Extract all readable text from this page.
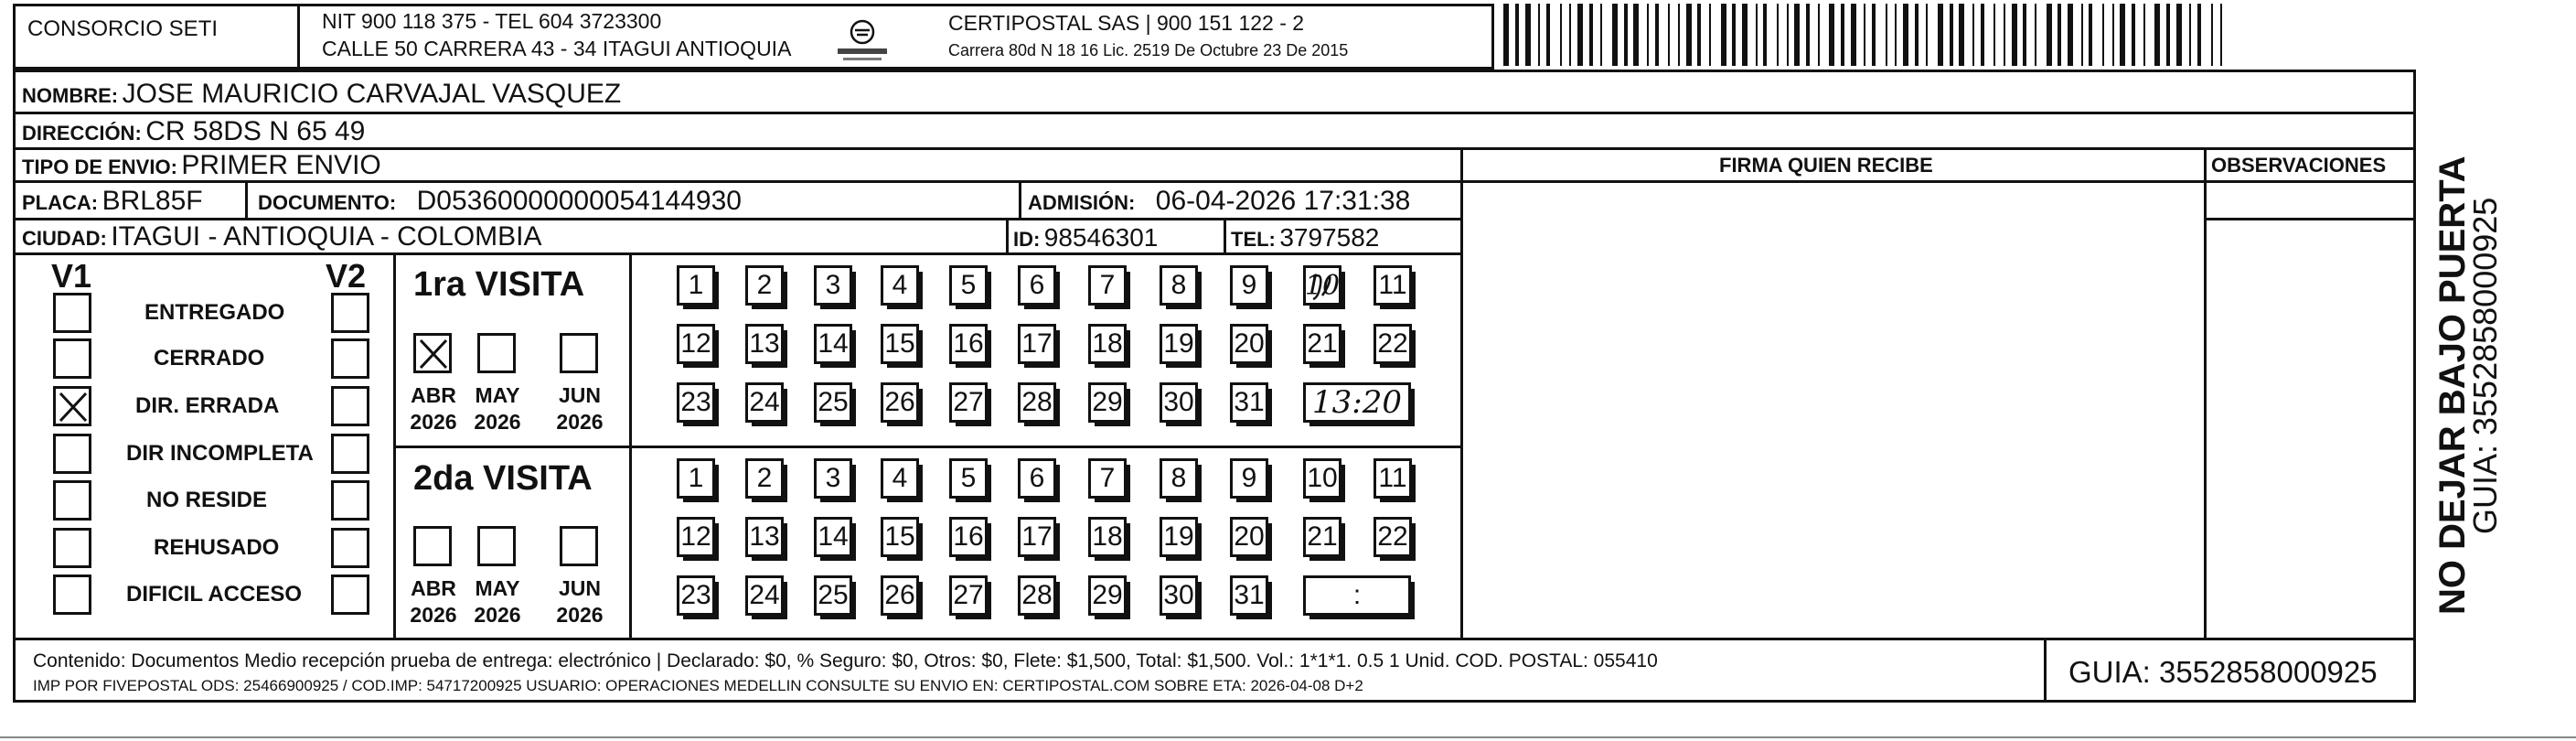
CONSORCIO SETI	NIT 900 118 375 - TEL 604 3723300
CALLE 50 CARRERA 43 - 34 ITAGUI ANTIOQUIA
CERTIPOSTAL SAS | 900 151 122 - 2
Carrera 80d N 18 16 Lic. 2519 De Octubre 23 De 2015
NOMBRE: JOSE MAURICIO CARVAJAL VASQUEZ
DIRECCIÓN: CR 58DS N 65 49
TIPO DE ENVIO: PRIMER ENVIO	FIRMA QUIEN RECIBE	OBSERVACIONES
PLACA: BRL85F	DOCUMENTO: D05360000000054144930	ADMISIÓN: 06-04-2026 17:31:38
CIUDAD: ITAGUI - ANTIOQUIA - COLOMBIA	ID: 98546301	TEL: 3797582
V1	V2
ENTREGADO
CERRADO
DIR. ERRADA
DIR INCOMPLETA
NO RESIDE
REHUSADO
DIFICIL ACCESO
1ra VISITA
ABR
2026
MAY
2026
JUN
2026
1 2 3 4 5 6 7 8 9 10 11
12 13 14 15 16 17 18 19 20 21 22
23 24 25 26 27 28 29 30 31 13:20
2da VISITA
ABR
2026
MAY
2026
JUN
2026
1 2 3 4 5 6 7 8 9 10 11
12 13 14 15 16 17 18 19 20 21 22
23 24 25 26 27 28 29 30 31	:
Contenido: Documentos Medio recepción prueba de entrega: electrónico | Declarado: $0, % Seguro: $0, Otros: $0, Flete: $1,500, Total: $1,500. Vol.: 1*1*1. 0.5 1 Unid. COD. POSTAL: 055410
IMP POR FIVEPOSTAL ODS: 25466900925 / COD.IMP: 54717200925 USUARIO: OPERACIONES MEDELLIN CONSULTE SU ENVIO EN: CERTIPOSTAL.COM SOBRE ETA: 2026-04-08 D+2	GUIA: 3552858000925
NO DEJAR BAJO PUERTA
GUIA: 3552858000925
